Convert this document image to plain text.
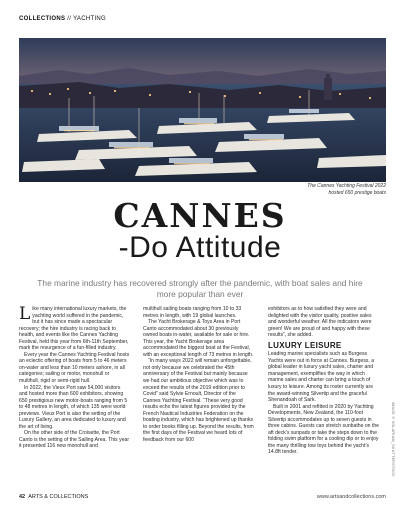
COLLECTIONS // YACHTING
The Cannes Yachting Festival 2022 hosted 650 prestige boats
CANNES
-Do Attitude
The marine industry has recovered strongly after the pandemic, with boat sales and hire more popular than ever

Like many international luxury markets, the yachting world suffered in the pandemic, but it has since made a spectacular recovery; the hire industry is racing back to health, and events like the Cannes Yachting Festival, held this year from 6th-11th September, mark the resurgence of a fun-filled industry.

Every year the Cannes Yachting Festival hosts an eclectic offering of boats from 5 to 46 meters on-water and less than 10 meters ashore, in all categories; sailing or motor, monohull or multihull, rigid or semi-rigid hull.

In 2022, the Vieux Port saw 54,000 visitors and hosted more than 600 exhibitors, showing 650 prestigious new motor-boats ranging from 5 to 48 metres in length, of which 135 were world previews. Vieux Port is also the setting of the Luxury Gallery, an area dedicated to luxury and the art of living.

On the other side of the Croisette, the Port Canto is the setting of the Sailing Area. This year it presented 116 new monohull and

multihull sailing boats ranging from 10 to 33 metres in length, with 19 global launches.

The Yacht Brokerage & Toys Area in Port Canto accommodated about 30 previously owned boats in-water, available for sale or hire. This year, the Yacht Brokerage area accommodated the biggest boat at the Festival, with an exceptional length of 73 metres in length.

“In many ways 2022 will remain unforgettable, not only because we celebrated the 45th anniversary of the Festival but mainly because we had our ambitious objective which was to exceed the results of the 2019 edition prior to Covid” said Sylvie Ernoult, Director of the Cannes Yachting Festival. “These very good results echo the latest figures provided by the French Nautical Industries Federation on the boating industry, which has brightened up thanks to order books filling up. Beyond the results, from the first days of the Festival we heard lots of feedback from our 600

exhibitors as to how satisfied they were and delighted with the visitor quality, positive sales and wonderful weather. All the indicators were green! We are proud of and happy with these results”, she added.

LUXURY LEISURE

Leading marine specialists such as Burgess Yachts were out in force at Cannes. Burgess, a global leader in luxury yacht sales, charter and management, exemplifies the way in which marine sales and charter can bring a touch of luxury to leisure. Among its roster currently are the award-winning Silvertip and the graceful Shenandoah of Sark.

Built in 2001 and refitted in 2020 by Yachting Developments, New Zealand, the 110-foot Silvertip accommodates up to seven guests in three cabins. Guests can stretch sunbathe on the aft deck’s sunpads or take the steps down to the folding swim platform for a cooling dip or to enjoy the many thrilling tow toys behind the yacht’s 14.8ft tender.	IMAGE © SOLARIUM_SHUTTERSTOCK
42 ARTS & COLLECTIONS	www.artsandcollections.com
